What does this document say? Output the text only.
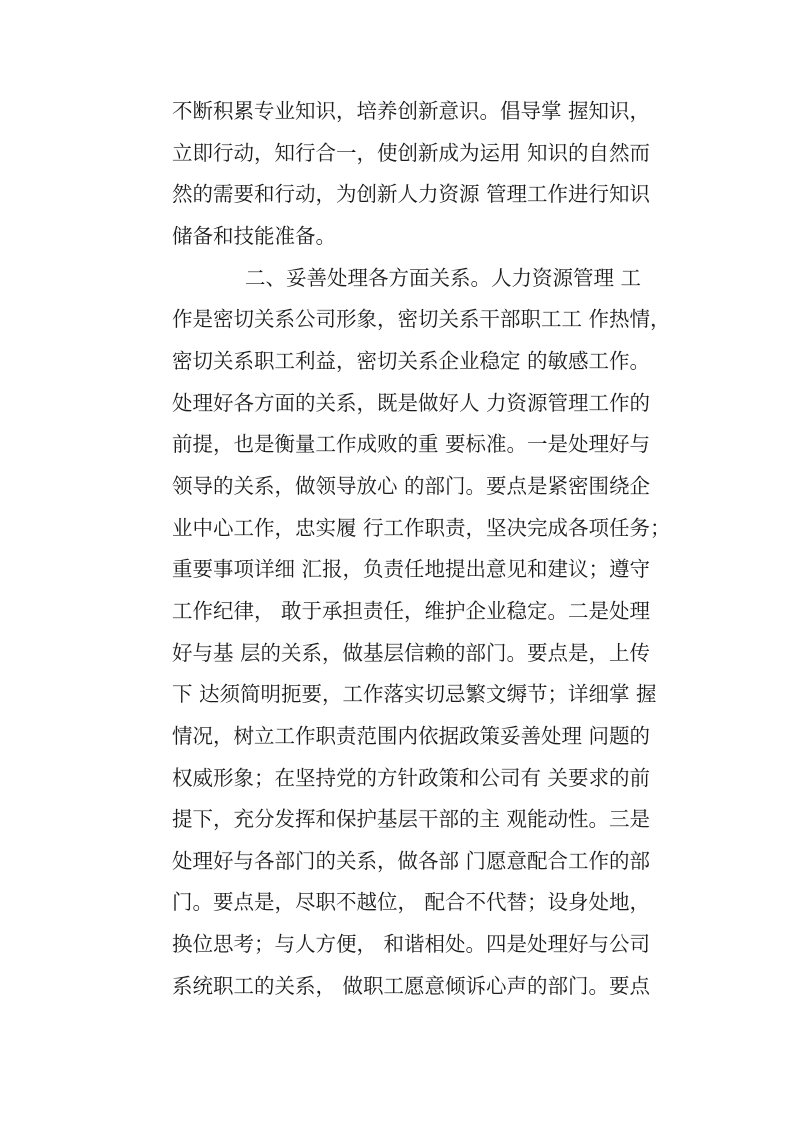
不断积累专业知识，培养创新意识。倡导掌 握知识，
立即行动，知行合一，使创新成为运用 知识的自然而
然的需要和行动，为创新人力资源 管理工作进行知识
储备和技能准备。
二、妥善处理各方面关系。人力资源管理 工
作是密切关系公司形象，密切关系干部职工工 作热情，
密切关系职工利益，密切关系企业稳定 的敏感工作。
处理好各方面的关系，既是做好人 力资源管理工作的
前提，也是衡量工作成败的重 要标准。一是处理好与
领导的关系，做领导放心 的部门。要点是紧密围绕企
业中心工作，忠实履 行工作职责，坚决完成各项任务；
重要事项详细 汇报，负责任地提出意见和建议；遵守
工作纪律， 敢于承担责任，维护企业稳定。二是处理
好与基 层的关系，做基层信赖的部门。要点是，上传
下 达须简明扼要，工作落实切忌繁文缛节；详细掌 握
情况，树立工作职责范围内依据政策妥善处理 问题的
权威形象；在坚持党的方针政策和公司有 关要求的前
提下，充分发挥和保护基层干部的主 观能动性。三是
处理好与各部门的关系，做各部 门愿意配合工作的部
门。要点是，尽职不越位， 配合不代替；设身处地，
换位思考；与人方便， 和谐相处。四是处理好与公司
系统职工的关系， 做职工愿意倾诉心声的部门。要点
